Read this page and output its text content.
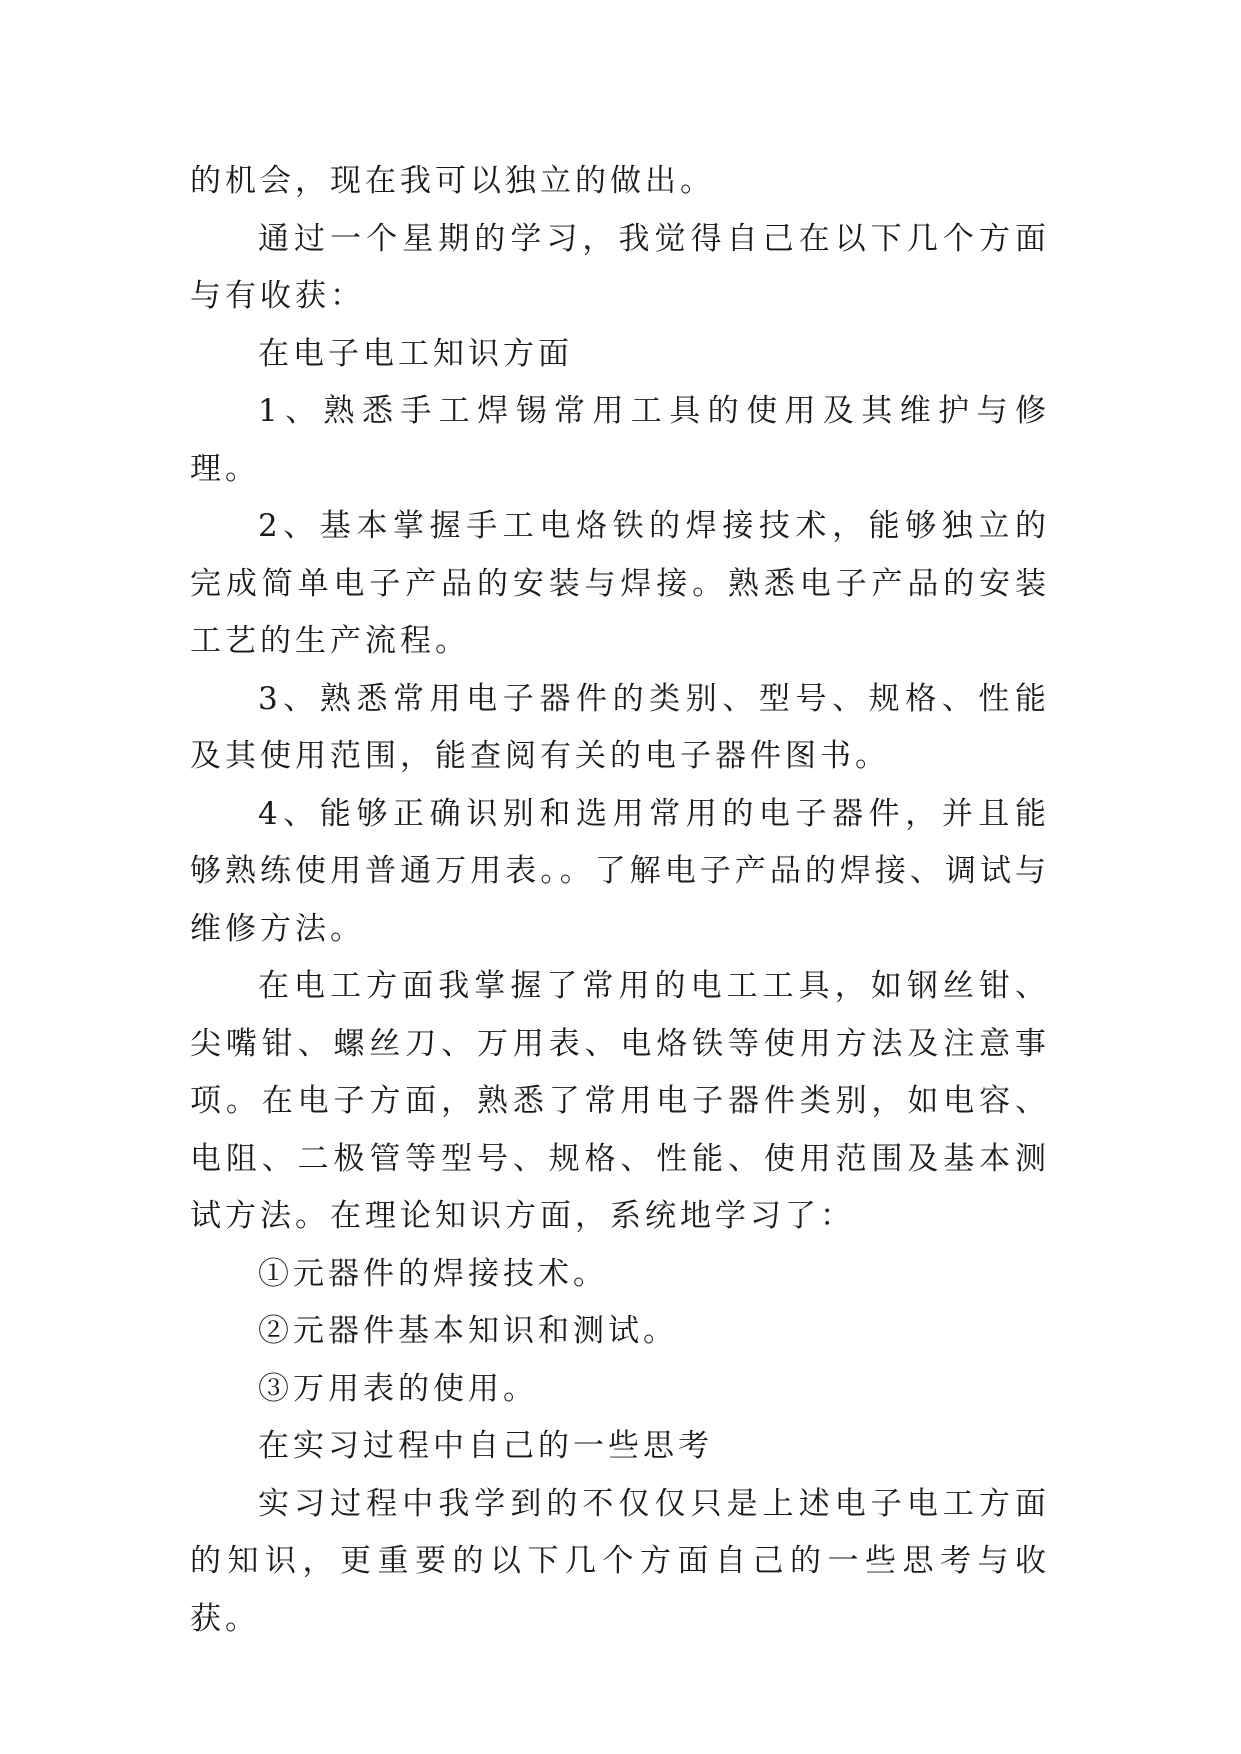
的机会，现在我可以独立的做出。

通过一个星期的学习，我觉得自己在以下几个方面与有收获：

在电子电工知识方面

1、熟悉手工焊锡常用工具的使用及其维护与修理。

2、基本掌握手工电烙铁的焊接技术，能够独立的完成简单电子产品的安装与焊接。熟悉电子产品的安装工艺的生产流程。

3、熟悉常用电子器件的类别、型号、规格、性能及其使用范围，能查阅有关的电子器件图书。

4、能够正确识别和选用常用的电子器件，并且能够熟练使用普通万用表。。了解电子产品的焊接、调试与维修方法。

在电工方面我掌握了常用的电工工具，如钢丝钳、尖嘴钳、螺丝刀、万用表、电烙铁等使用方法及注意事项。在电子方面，熟悉了常用电子器件类别，如电容、电阻、二极管等型号、规格、性能、使用范围及基本测试方法。在理论知识方面，系统地学习了：

①元器件的焊接技术。

②元器件基本知识和测试。

③万用表的使用。

在实习过程中自己的一些思考

实习过程中我学到的不仅仅只是上述电子电工方面的知识，更重要的以下几个方面自己的一些思考与收获。
